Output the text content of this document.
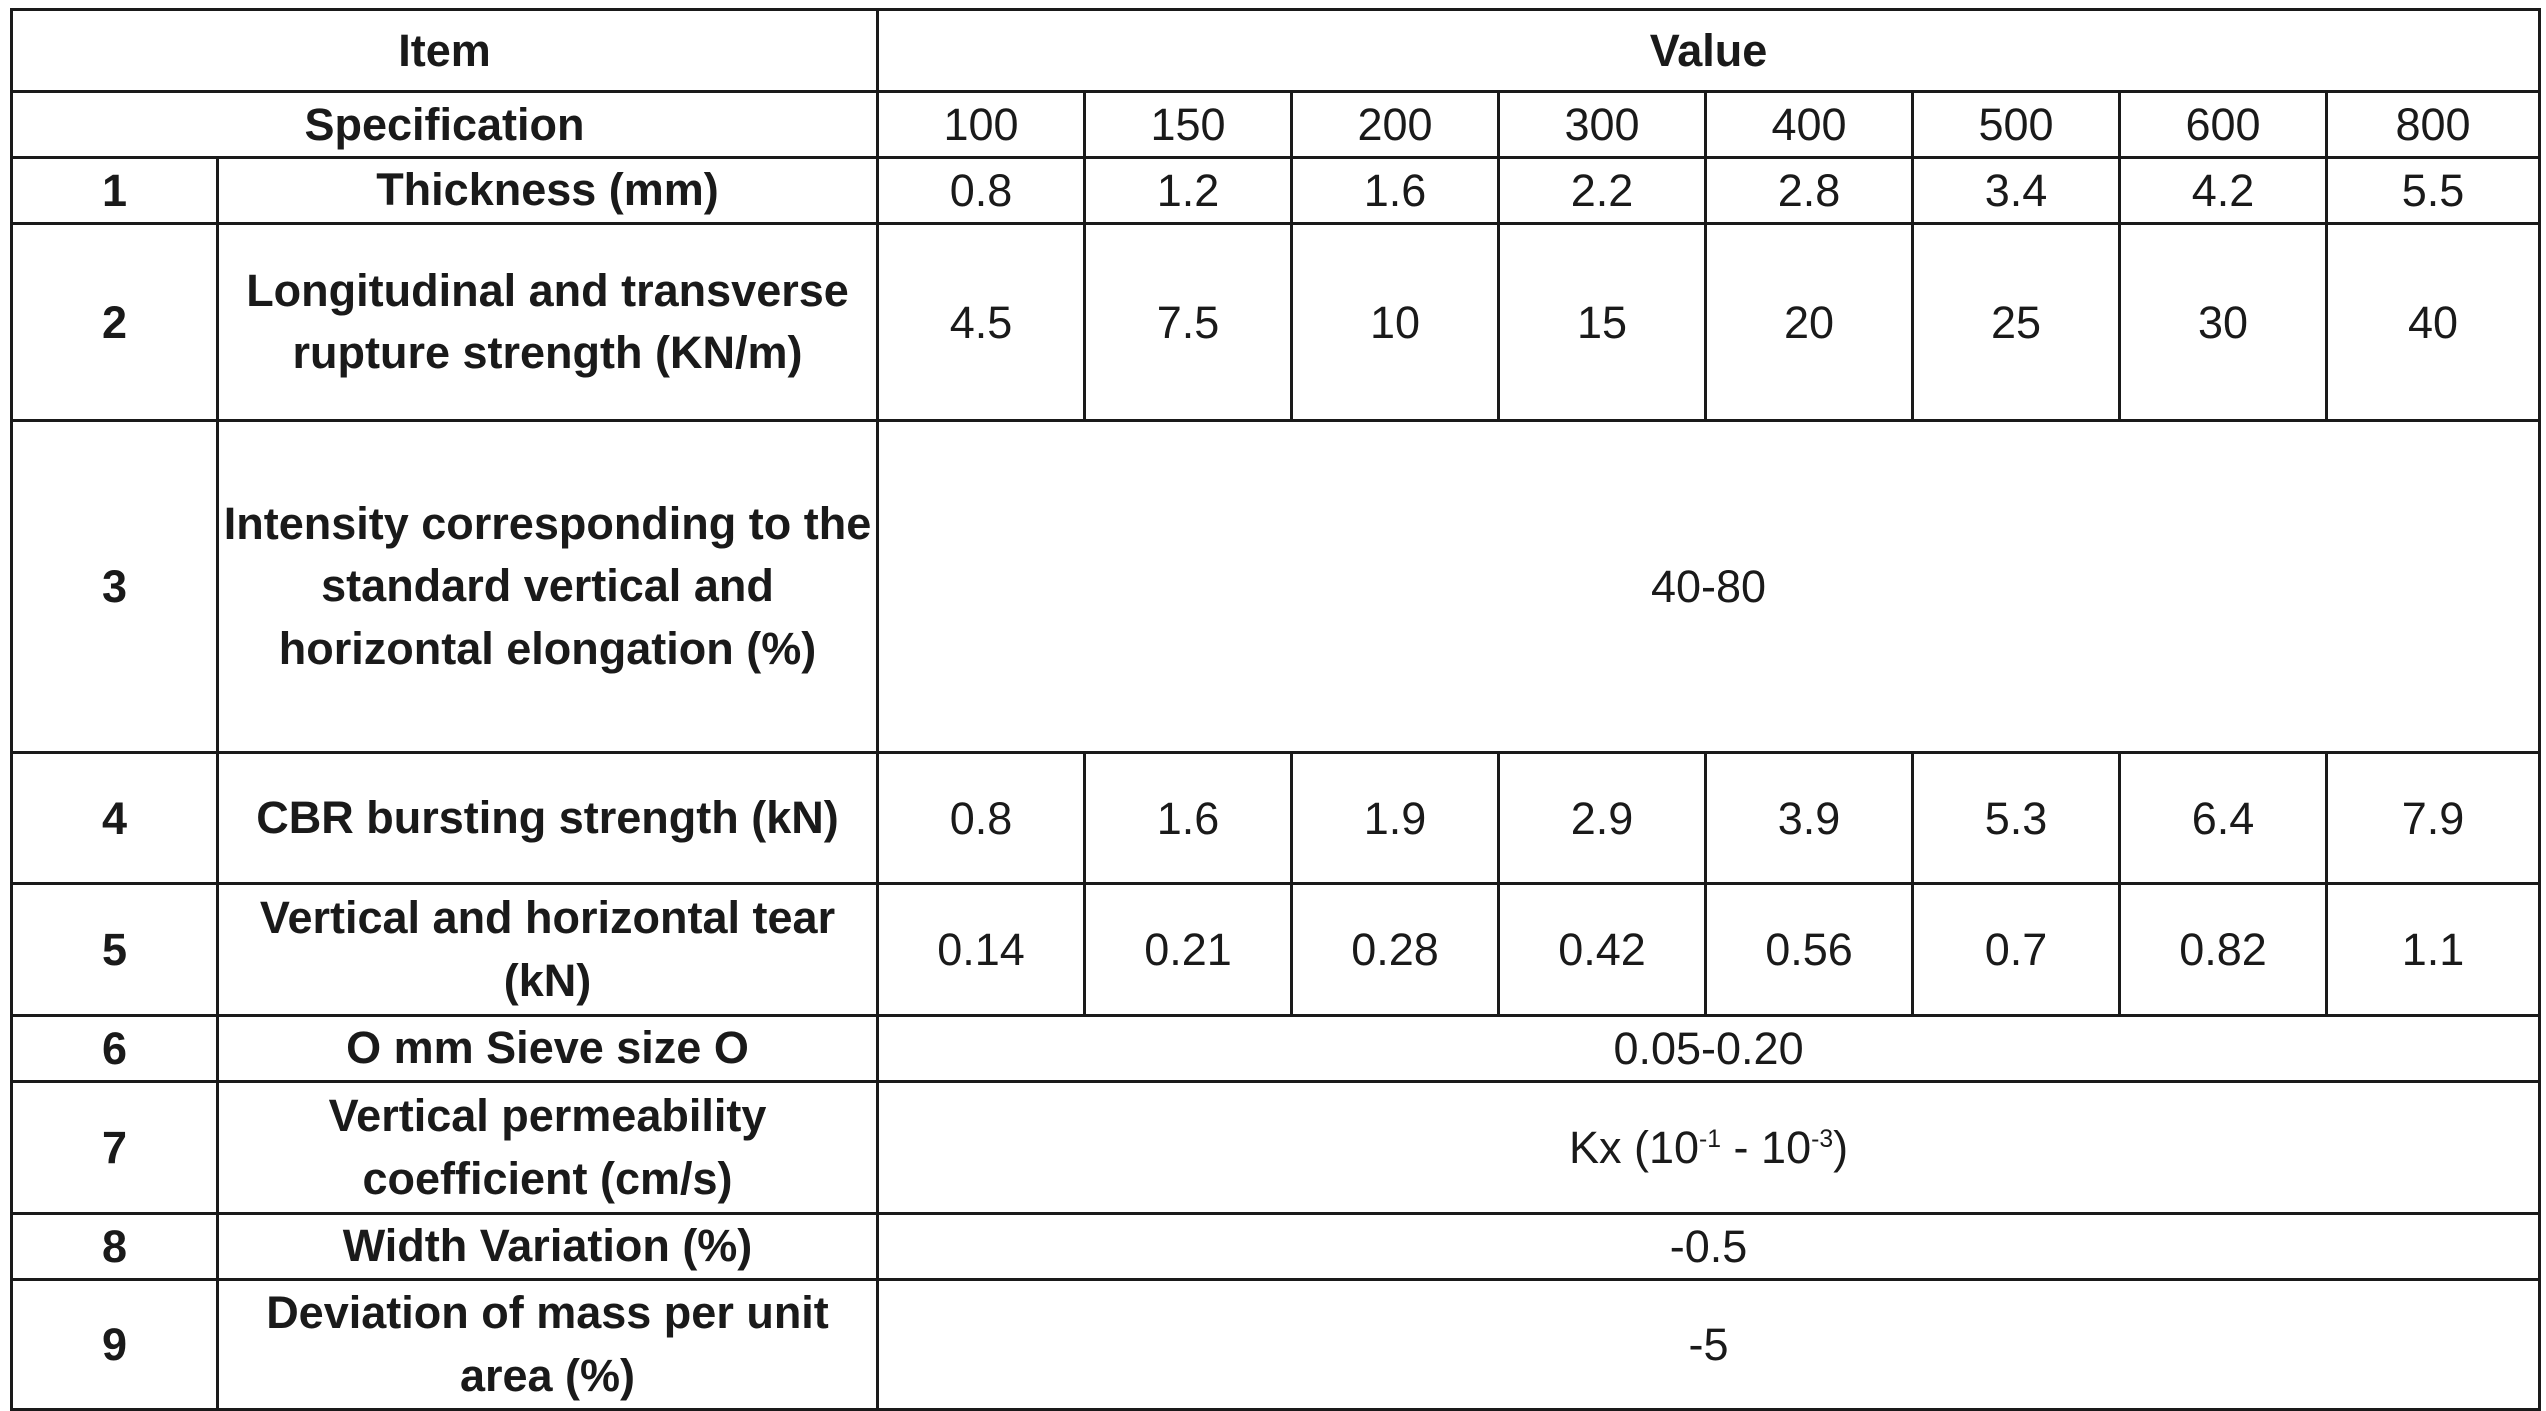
Item		Value							
Specification		100	150	200	300	400	500	600	800
1	Thickness (mm)	0.8	1.2	1.6	2.2	2.8	3.4	4.2	5.5
2	Longitudinal and transverse rupture strength (KN/m)	4.5	7.5	10	15	20	25	30	40
3	Intensity corresponding to the standard vertical and horizontal elongation (%)	40-80							
4	CBR bursting strength (kN)	0.8	1.6	1.9	2.9	3.9	5.3	6.4	7.9
5	Vertical and horizontal tear (kN)	0.14	0.21	0.28	0.42	0.56	0.7	0.82	1.1
6	O mm Sieve size O	0.05-0.20							
7	Vertical permeability coefficient (cm/s)	Kx $(10^{-1} - 10^{-3})$							
8	Width Variation (%)	-0.5							
9	Deviation of mass per unit area (%)	-5							
